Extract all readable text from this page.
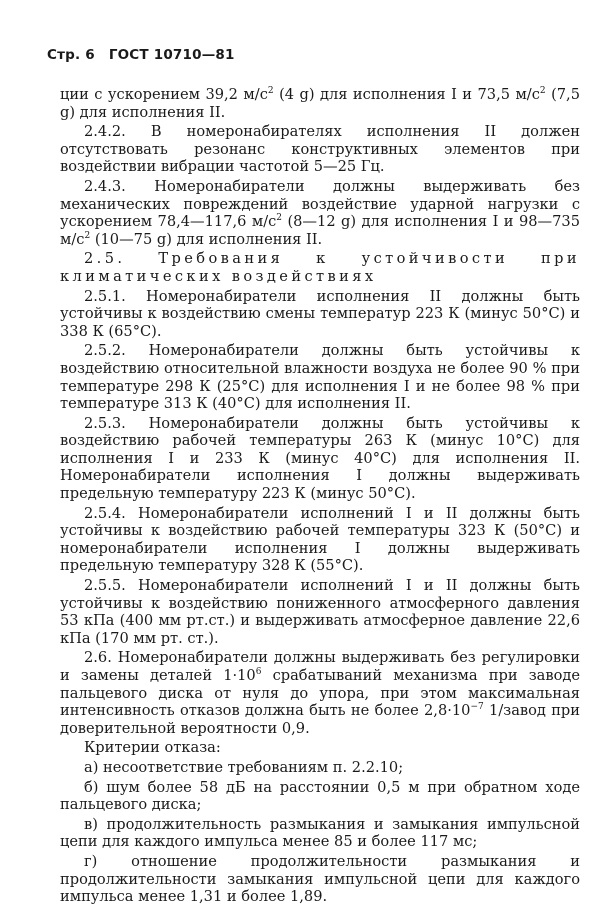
Стр. 6 ГОСТ 10710—81

ции с ускорением 39,2 $м/с^2$ (4 g) для исполнения I и 73,5 $м/с^2$ (7,5 g) для исполнения II.

2.4.2. В номеронабирателях исполнения II должен отсутствовать резонанс конструктивных элементов при воздействии вибрации частотой 5—25 Гц.

2.4.3. Номеронабиратели должны выдерживать без механических повреждений воздействие ударной нагрузки с ускорением 78,4—117,6 $м/с^2$ (8—12 g) для исполнения I и 98—735 $м/с^2$ (10—75 g) для исполнения II.

2.5. Требования к устойчивости при климатических воздействиях

2.5.1. Номеронабиратели исполнения II должны быть устойчивы к воздействию смены температур 223 К (минус 50°С) и 338 К (65°С).

2.5.2. Номеронабиратели должны быть устойчивы к воздействию относительной влажности воздуха не более 90 % при температуре 298 К (25°С) для исполнения I и не более 98 % при температуре 313 К (40°С) для исполнения II.

2.5.3. Номеронабиратели должны быть устойчивы к воздействию рабочей температуры 263 К (минус 10°С) для исполнения I и 233 К (минус 40°С) для исполнения II. Номеронабиратели исполнения I должны выдерживать предельную температуру 223 К (минус 50°С).

2.5.4. Номеронабиратели исполнений I и II должны быть устойчивы к воздействию рабочей температуры 323 К (50°С) и номеронабиратели исполнения I должны выдерживать предельную температуру 328 К (55°С).

2.5.5. Номеронабиратели исполнений I и II должны быть устойчивы к воздействию пониженного атмосферного давления 53 кПа (400 мм рт.ст.) и выдерживать атмосферное давление 22,6 кПа (170 мм рт. ст.).

2.6. Номеронабиратели должны выдерживать без регулировки и замены деталей $1\cdot 10^6$ срабатываний механизма при заводе пальцевого диска от нуля до упора, при этом максимальная интенсивность отказов должна быть не более $2,8\cdot 10^{-7}$ 1/завод при доверительной вероятности 0,9.

Критерии отказа:

а) несоответствие требованиям п. 2.2.10;

б) шум более 58 дБ на расстоянии 0,5 м при обратном ходе пальцевого диска;

в) продолжительность размыкания и замыкания импульсной цепи для каждого импульса менее 85 и более 117 мс;

г) отношение продолжительности размыкания и продолжительности замыкания импульсной цепи для каждого импульса менее 1,31 и более 1,89.
